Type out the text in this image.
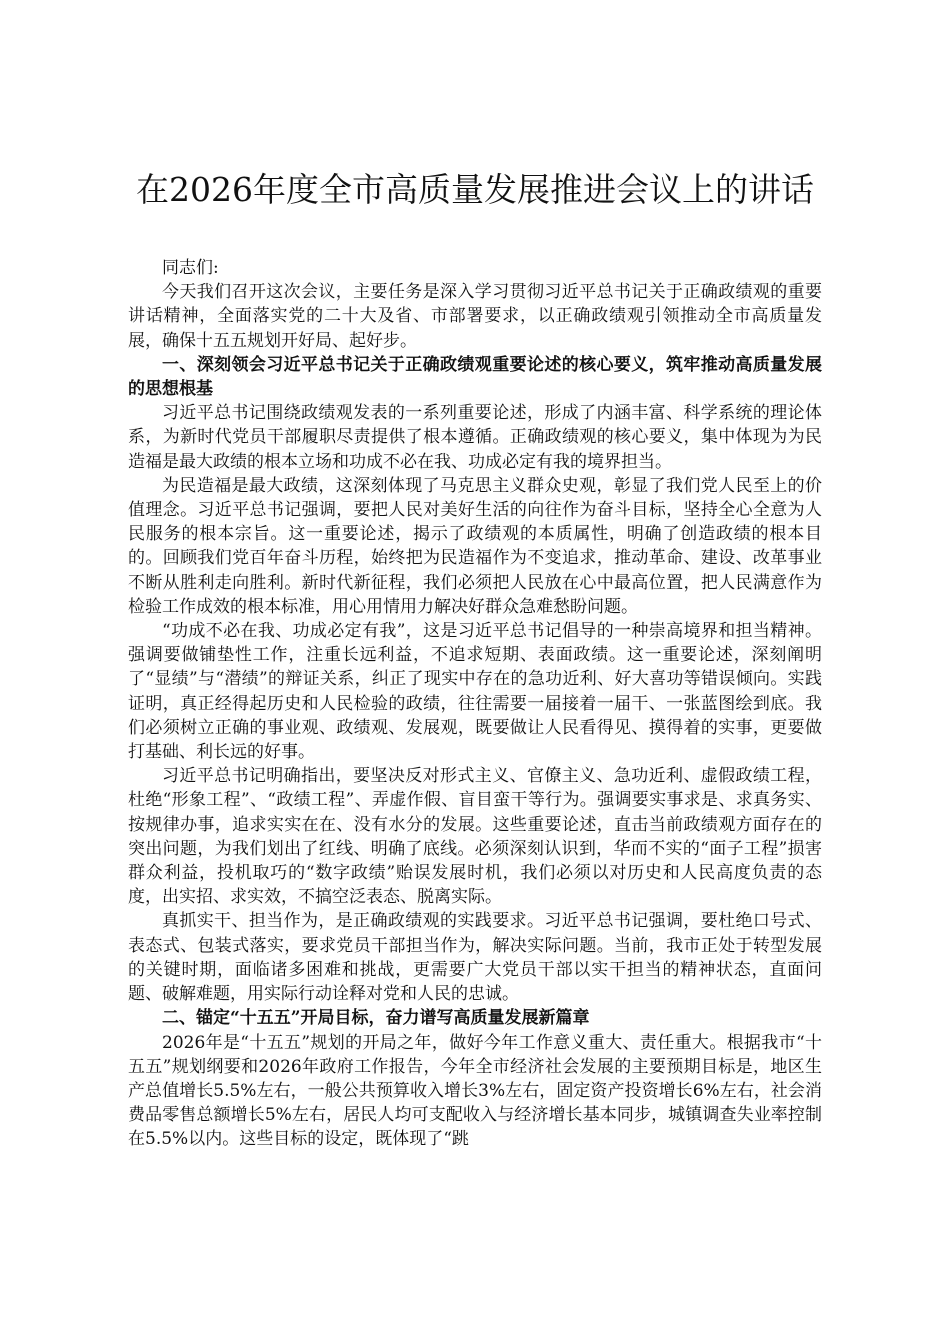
在2026年度全市高质量发展推进会议上的讲话

同志们:

今天我们召开这次会议，主要任务是深入学习贯彻习近平总书记关于正确政绩观的重要讲话精神，全面落实党的二十大及省、市部署要求，以正确政绩观引领推动全市高质量发展，确保十五五规划开好局、起好步。

一、深刻领会习近平总书记关于正确政绩观重要论述的核心要义，筑牢推动高质量发展的思想根基

习近平总书记围绕政绩观发表的一系列重要论述，形成了内涵丰富、科学系统的理论体系，为新时代党员干部履职尽责提供了根本遵循。正确政绩观的核心要义，集中体现为为民造福是最大政绩的根本立场和功成不必在我、功成必定有我的境界担当。

为民造福是最大政绩，这深刻体现了马克思主义群众史观，彰显了我们党人民至上的价值理念。习近平总书记强调，要把人民对美好生活的向往作为奋斗目标，坚持全心全意为人民服务的根本宗旨。这一重要论述，揭示了政绩观的本质属性，明确了创造政绩的根本目的。回顾我们党百年奋斗历程，始终把为民造福作为不变追求，推动革命、建设、改革事业不断从胜利走向胜利。新时代新征程，我们必须把人民放在心中最高位置，把人民满意作为检验工作成效的根本标准，用心用情用力解决好群众急难愁盼问题。

“功成不必在我、功成必定有我”，这是习近平总书记倡导的一种崇高境界和担当精神。强调要做铺垫性工作，注重长远利益，不追求短期、表面政绩。这一重要论述，深刻阐明了“显绩”与“潜绩”的辩证关系，纠正了现实中存在的急功近利、好大喜功等错误倾向。实践证明，真正经得起历史和人民检验的政绩，往往需要一届接着一届干、一张蓝图绘到底。我们必须树立正确的事业观、政绩观、发展观，既要做让人民看得见、摸得着的实事，更要做打基础、利长远的好事。

习近平总书记明确指出，要坚决反对形式主义、官僚主义、急功近利、虚假政绩工程，杜绝“形象工程”、“政绩工程”、弄虚作假、盲目蛮干等行为。强调要实事求是、求真务实、按规律办事，追求实实在在、没有水分的发展。这些重要论述，直击当前政绩观方面存在的突出问题，为我们划出了红线、明确了底线。必须深刻认识到，华而不实的“面子工程”损害群众利益，投机取巧的“数字政绩”贻误发展时机，我们必须以对历史和人民高度负责的态度，出实招、求实效，不搞空泛表态、脱离实际。

真抓实干、担当作为，是正确政绩观的实践要求。习近平总书记强调，要杜绝口号式、表态式、包装式落实，要求党员干部担当作为，解决实际问题。当前，我市正处于转型发展的关键时期，面临诸多困难和挑战，更需要广大党员干部以实干担当的精神状态，直面问题、破解难题，用实际行动诠释对党和人民的忠诚。

二、锚定“十五五”开局目标，奋力谱写高质量发展新篇章

2026年是“十五五”规划的开局之年，做好今年工作意义重大、责任重大。根据我市“十五五”规划纲要和2026年政府工作报告，今年全市经济社会发展的主要预期目标是，地区生产总值增长5.5%左右，一般公共预算收入增长3%左右，固定资产投资增长6%左右，社会消费品零售总额增长5%左右，居民人均可支配收入与经济增长基本同步，城镇调查失业率控制在5.5%以内。这些目标的设定，既体现了“跳
